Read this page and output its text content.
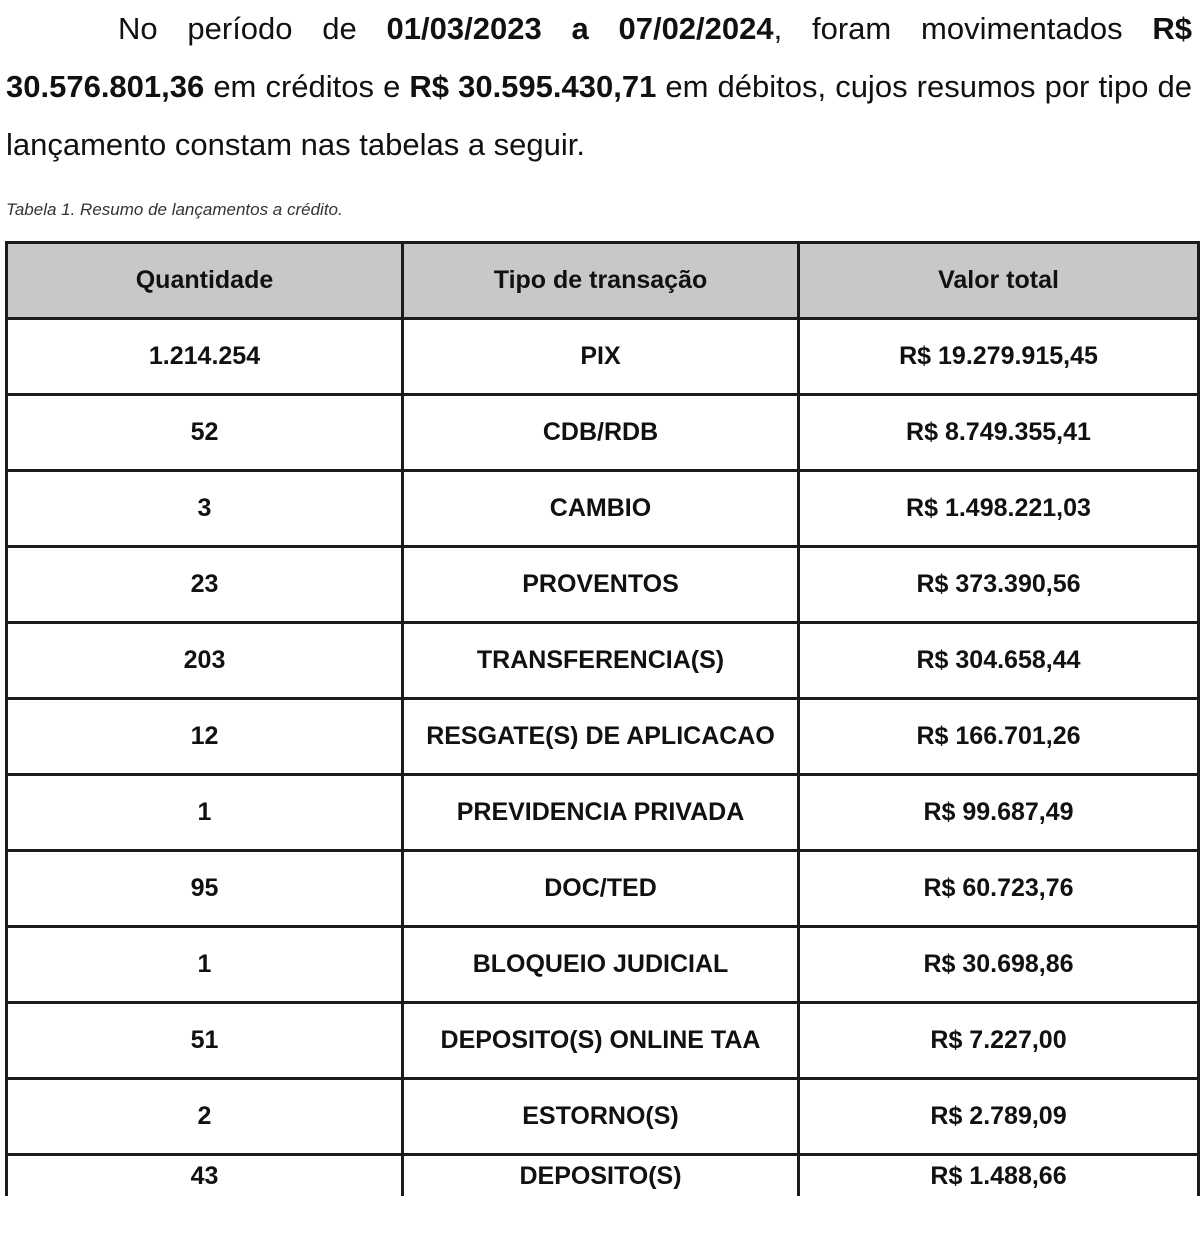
No período de 01/03/2023 a 07/02/2024, foram movimentados R$ 30.576.801,36 em créditos e R$ 30.595.430,71 em débitos, cujos resumos por tipo de lançamento constam nas tabelas a seguir.

Tabela 1. Resumo de lançamentos a crédito.

Quantidade	Tipo de transação	Valor total
1.214.254	PIX	R$ 19.279.915,45
52	CDB/RDB	R$ 8.749.355,41
3	CAMBIO	R$ 1.498.221,03
23	PROVENTOS	R$ 373.390,56
203	TRANSFERENCIA(S)	R$ 304.658,44
12	RESGATE(S) DE APLICACAO	R$ 166.701,26
1	PREVIDENCIA PRIVADA	R$ 99.687,49
95	DOC/TED	R$ 60.723,76
1	BLOQUEIO JUDICIAL	R$ 30.698,86
51	DEPOSITO(S) ONLINE TAA	R$ 7.227,00
2	ESTORNO(S)	R$ 2.789,09
43	DEPOSITO(S)	R$ 1.488,66
